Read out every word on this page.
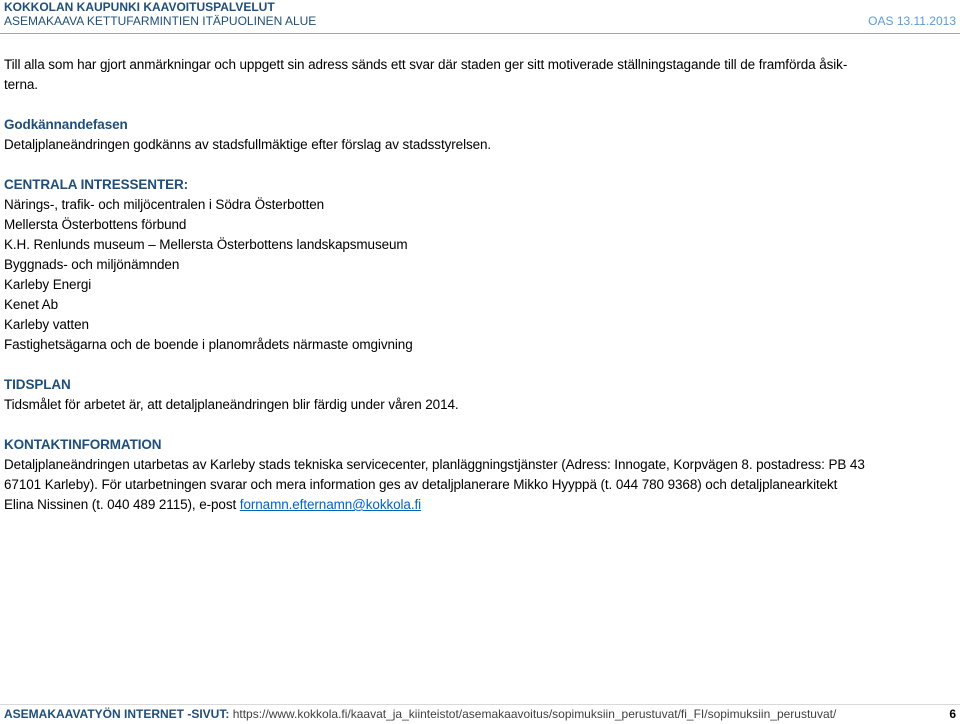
KOKKOLAN KAUPUNKI KAAVOITUSPALVELUT
ASEMAKAAVA KETTUFARMINTIEN ITÄPUOLINEN ALUE	OAS 13.11.2013

Till alla som har gjort anmärkningar och uppgett sin adress sänds ett svar där staden ger sitt motiverade ställningstagande till de framförda åsik-

terna.

Godkännandefasen

Detaljplaneändringen godkänns av stadsfullmäktige efter förslag av stadsstyrelsen.

CENTRALA INTRESSENTER:

Närings-, trafik- och miljöcentralen i Södra Österbotten

Mellersta Österbottens förbund

K.H. Renlunds museum – Mellersta Österbottens landskapsmuseum

Byggnads- och miljönämnden

Karleby Energi

Kenet Ab

Karleby vatten

Fastighetsägarna och de boende i planområdets närmaste omgivning

TIDSPLAN

Tidsmålet för arbetet är, att detaljplaneändringen blir färdig under våren 2014.

KONTAKTINFORMATION

Detaljplaneändringen utarbetas av Karleby stads tekniska servicecenter, planläggningstjänster (Adress: Innogate, Korpvägen 8. postadress: PB 43

67101 Karleby). För utarbetningen svarar och mera information ges av detaljplanerare Mikko Hyyppä (t. 044 780 9368) och detaljplanearkitekt

Elina Nissinen (t. 040 489 2115), e-post fornamn.efternamn@kokkola.fi

ASEMAKAAVATYÖN INTERNET -SIVUT: https://www.kokkola.fi/kaavat_ja_kiinteistot/asemakaavoitus/sopimuksiin_perustuvat/fi_FI/sopimuksiin_perustuvat/	6
